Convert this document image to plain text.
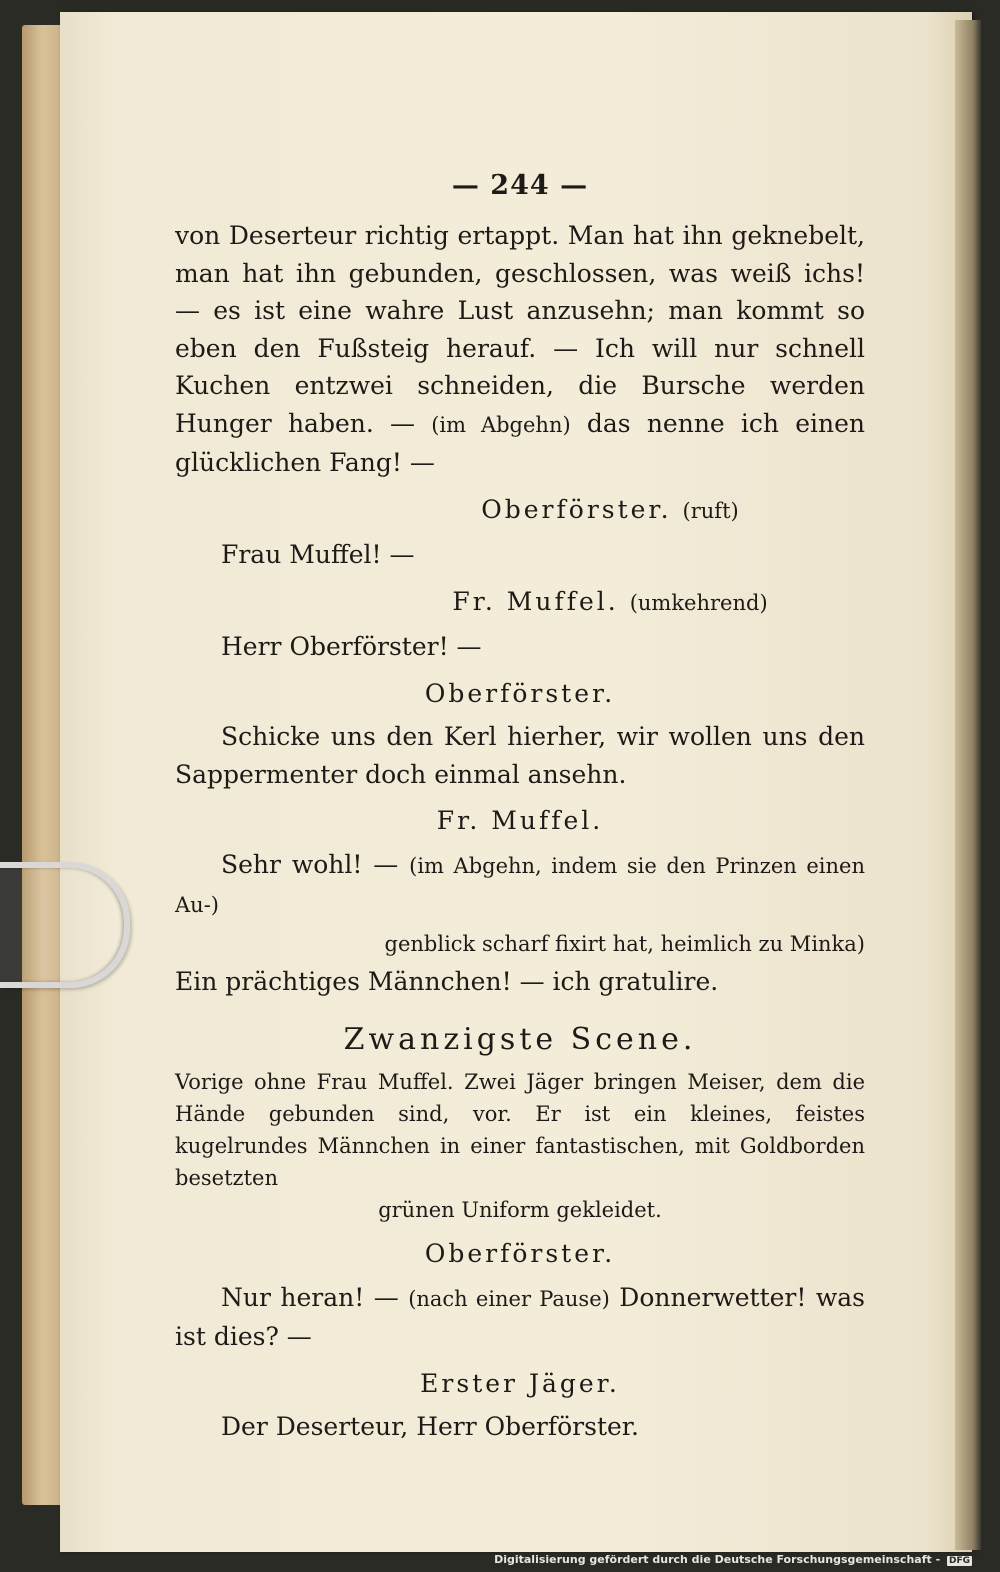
— 244 —

von Deserteur richtig ertappt. Man hat ihn geknebelt, man hat ihn gebunden, geschlossen, was weiß ichs! — es ist eine wahre Lust anzusehn; man kommt so eben den Fußsteig herauf. — Ich will nur schnell Kuchen entzwei schneiden, die Bursche werden Hunger haben. — (im Abgehn) das nenne ich einen glücklichen Fang! —

Oberförster. (ruft)

Frau Muffel! —

Fr. Muffel. (umkehrend)

Herr Oberförster! —

Oberförster.

Schicke uns den Kerl hierher, wir wollen uns den Sappermenter doch einmal ansehn.

Fr. Muffel.

Sehr wohl! — (im Abgehn, indem sie den Prinzen einen Au-)

genblick scharf fixirt hat, heimlich zu Minka)

Ein prächtiges Männchen! — ich gratulire.

Zwanzigste Scene.
Vorige ohne Frau Muffel. Zwei Jäger bringen Meiser, dem die Hände gebunden sind, vor. Er ist ein kleines, feistes kugelrundes Männchen in einer fantastischen, mit Goldborden besetzten
grünen Uniform gekleidet.
Oberförster.

Nur heran! — (nach einer Pause) Donnerwetter! was ist dies? —

Erster Jäger.

Der Deserteur, Herr Oberförster.

Digitalisierung gefördert durch die Deutsche Forschungsgemeinschaft - DFG
